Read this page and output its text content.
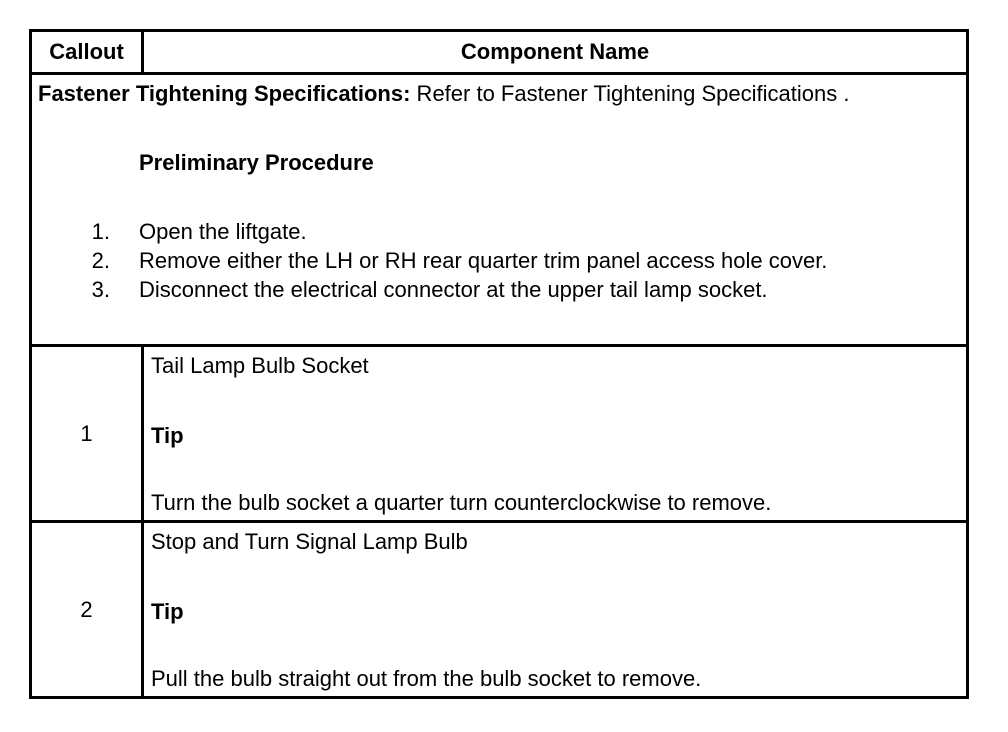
Callout	Component Name
Fastener Tightening Specifications: Refer to Fastener Tightening Specifications .
Preliminary Procedure
1. Open the liftgate.
2. Remove either the LH or RH rear quarter trim panel access hole cover.
3. Disconnect the electrical connector at the upper tail lamp socket.
1
Tail Lamp Bulb Socket
Tip
Turn the bulb socket a quarter turn counterclockwise to remove.
2
Stop and Turn Signal Lamp Bulb
Tip
Pull the bulb straight out from the bulb socket to remove.
